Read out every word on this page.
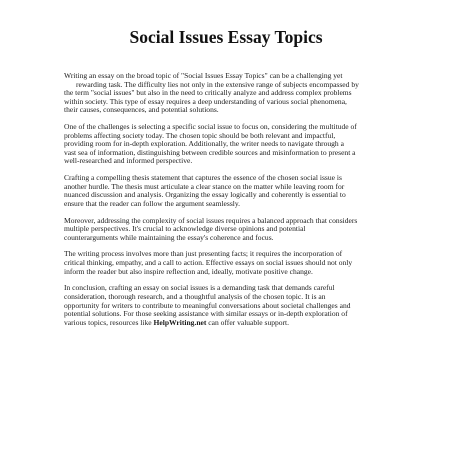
Social Issues Essay Topics

Writing an essay on the broad topic of "Social Issues Essay Topics" can be a challenging yet
rewarding task. The difficulty lies not only in the extensive range of subjects encompassed by
the term "social issues" but also in the need to critically analyze and address complex problems
within society. This type of essay requires a deep understanding of various social phenomena,
their causes, consequences, and potential solutions.

One of the challenges is selecting a specific social issue to focus on, considering the multitude of
problems affecting society today. The chosen topic should be both relevant and impactful,
providing room for in-depth exploration. Additionally, the writer needs to navigate through a
vast sea of information, distinguishing between credible sources and misinformation to present a
well-researched and informed perspective.

Crafting a compelling thesis statement that captures the essence of the chosen social issue is
another hurdle. The thesis must articulate a clear stance on the matter while leaving room for
nuanced discussion and analysis. Organizing the essay logically and coherently is essential to
ensure that the reader can follow the argument seamlessly.

Moreover, addressing the complexity of social issues requires a balanced approach that considers
multiple perspectives. It's crucial to acknowledge diverse opinions and potential
counterarguments while maintaining the essay's coherence and focus.

The writing process involves more than just presenting facts; it requires the incorporation of
critical thinking, empathy, and a call to action. Effective essays on social issues should not only
inform the reader but also inspire reflection and, ideally, motivate positive change.

In conclusion, crafting an essay on social issues is a demanding task that demands careful
consideration, thorough research, and a thoughtful analysis of the chosen topic. It is an
opportunity for writers to contribute to meaningful conversations about societal challenges and
potential solutions. For those seeking assistance with similar essays or in-depth exploration of
various topics, resources like HelpWriting.net can offer valuable support.
